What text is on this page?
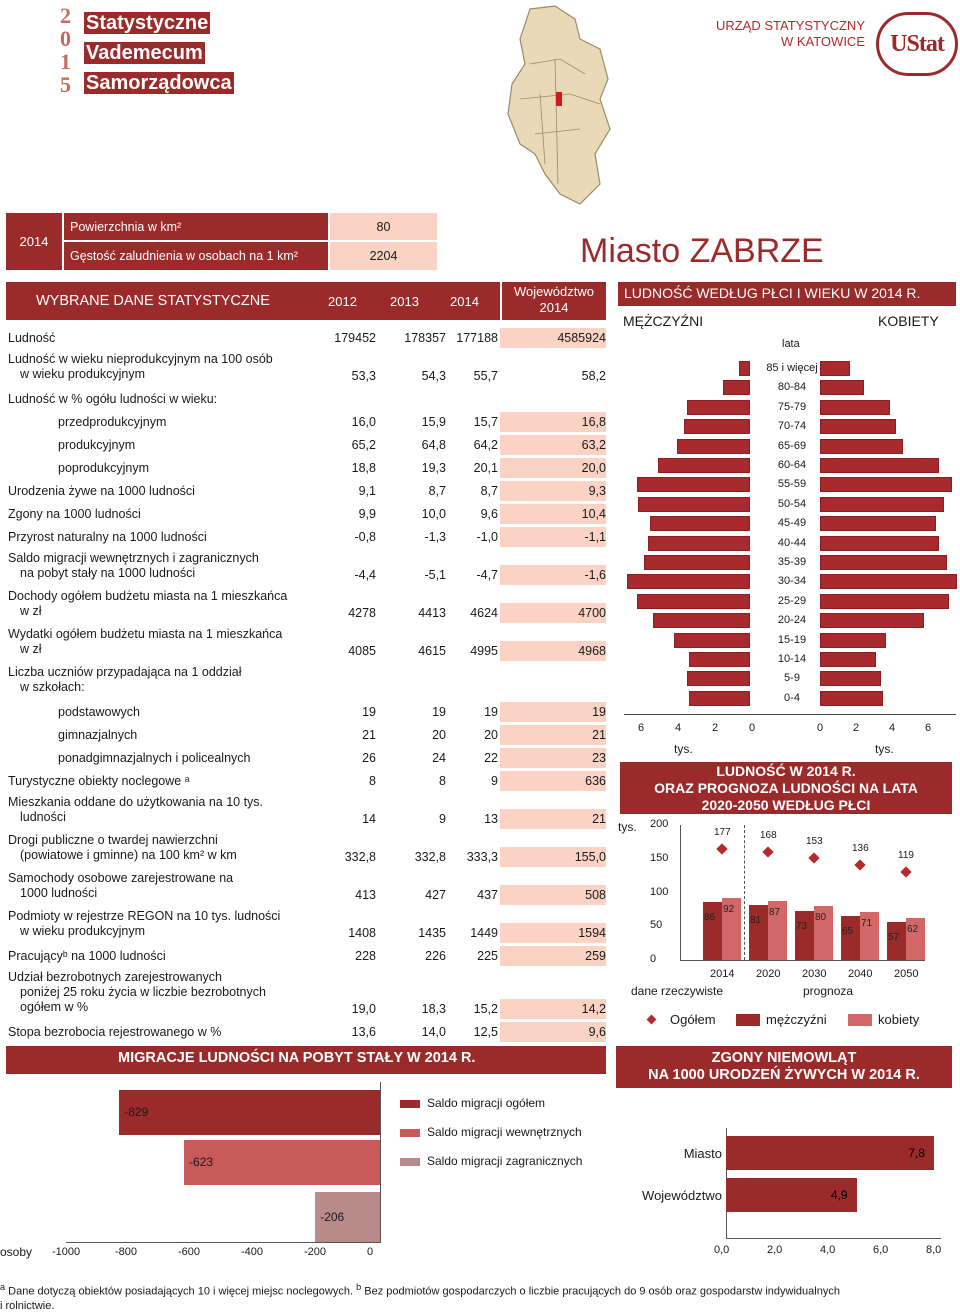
2
0
1
5
Statystyczne
Vademecum
Samorządowca
URZĄD STATYSTYCZNY
W KATOWICE UStat
2014
Powierzchnia w km²	80
Gęstość zaludnienia w osobach na 1 km²	2204	Miasto ZABRZE
WYBRANE DANE STATYSTYCZNE	2012	2013 2014
Województwo
2014
Ludność	179452	178357 177188	4585924
Ludność w wieku nieprodukcyjnym na 100 osób
w wieku produkcyjnym	53,3	54,3	55,7	58,2
Ludność w % ogółu ludności w wieku:
przedprodukcyjnym	16,0	15,9	15,7	16,8
produkcyjnym	65,2	64,8	64,2	63,2
poprodukcyjnym	18,8	19,3	20,1	20,0
Urodzenia żywe na 1000 ludności	9,1	8,7	8,7	9,3
Zgony na 1000 ludności	9,9	10,0	9,6	10,4
Przyrost naturalny na 1000 ludności	-0,8	-1,3	-1,0	-1,1
Saldo migracji wewnętrznych i zagranicznych
na pobyt stały na 1000 ludności	-4,4	-5,1	-4,7	-1,6
Dochody ogółem budżetu miasta na 1 mieszkańca
w zł	4278	4413	4624	4700
Wydatki ogółem budżetu miasta na 1 mieszkańca
w zł	4085	4615	4995	4968
Liczba uczniów przypadająca na 1 oddział
w szkołach:
podstawowych	19	19	19	19
gimnazjalnych	21	20	20	21
ponadgimnazjalnych i policealnych	26	24	22	23
Turystyczne obiekty noclegowe ᵃ	8	8	9	636
Mieszkania oddane do użytkowania na 10 tys.
ludności	14	9	13	21
Drogi publiczne o twardej nawierzchni
(powiatowe i gminne) na 100 km² w km	332,8	332,8	333,3	155,0
Samochody osobowe zarejestrowane na
1000 ludności	413	427	437	508
Podmioty w rejestrze REGON na 10 tys. ludności
w wieku produkcyjnym	1408	1435	1449	1594
Pracującyᵇ na 1000 ludności	228	226	225	259
Udział bezrobotnych zarejestrowanych
poniżej 25 roku życia w liczbie bezrobotnych
ogółem w %	19,0	18,3	15,2	14,2
Stopa bezrobocia rejestrowanego w %	13,6	14,0	12,5	9,6
LUDNOŚĆ WEDŁUG PŁCI I WIEKU W 2014 R.
MĘŻCZYŹNI	KOBIETY
lata
85 i więcej
80-84
75-79
70-74
65-69
60-64
55-59
50-54
45-49
40-44
35-39
30-34
25-29
20-24
15-19
10-14
5-9
0-4
6	4	2	0	0	2	4	6
tys.	tys.
LUDNOŚĆ W 2014 R.
ORAZ PROGNOZA LUDNOŚCI NA LATA
2020-2050 WEDŁUG PŁCI
tys. 200
150
100
50
0
86
92
177
2014
81
87
168
2020
73
80
153
2030
65
71
136
2040
57
62
119
2050
dane rzeczywiste	prognoza
Ogółem	mężczyźni	kobiety
MIGRACJE LUDNOŚCI NA POBYT STAŁY W 2014 R.
-829
-623
-206
-1000	-800	-600	-400	-200	0
osoby
Saldo migracji ogółem
Saldo migracji wewnętrznych
Saldo migracji zagranicznych
ZGONY NIEMOWLĄT
NA 1000 URODZEŃ ŻYWYCH W 2014 R.
Miasto	7,8
Województwo	4,9
0,0	2,0	4,0	6,0	8,0
$^a$ Dane dotyczą obiektów posiadających 10 i więcej miejsc noclegowych. $^b$ Bez podmiotów gospodarczych o liczbie pracujących do 9 osób oraz gospodarstw indywidualnych
i rolnictwie.
